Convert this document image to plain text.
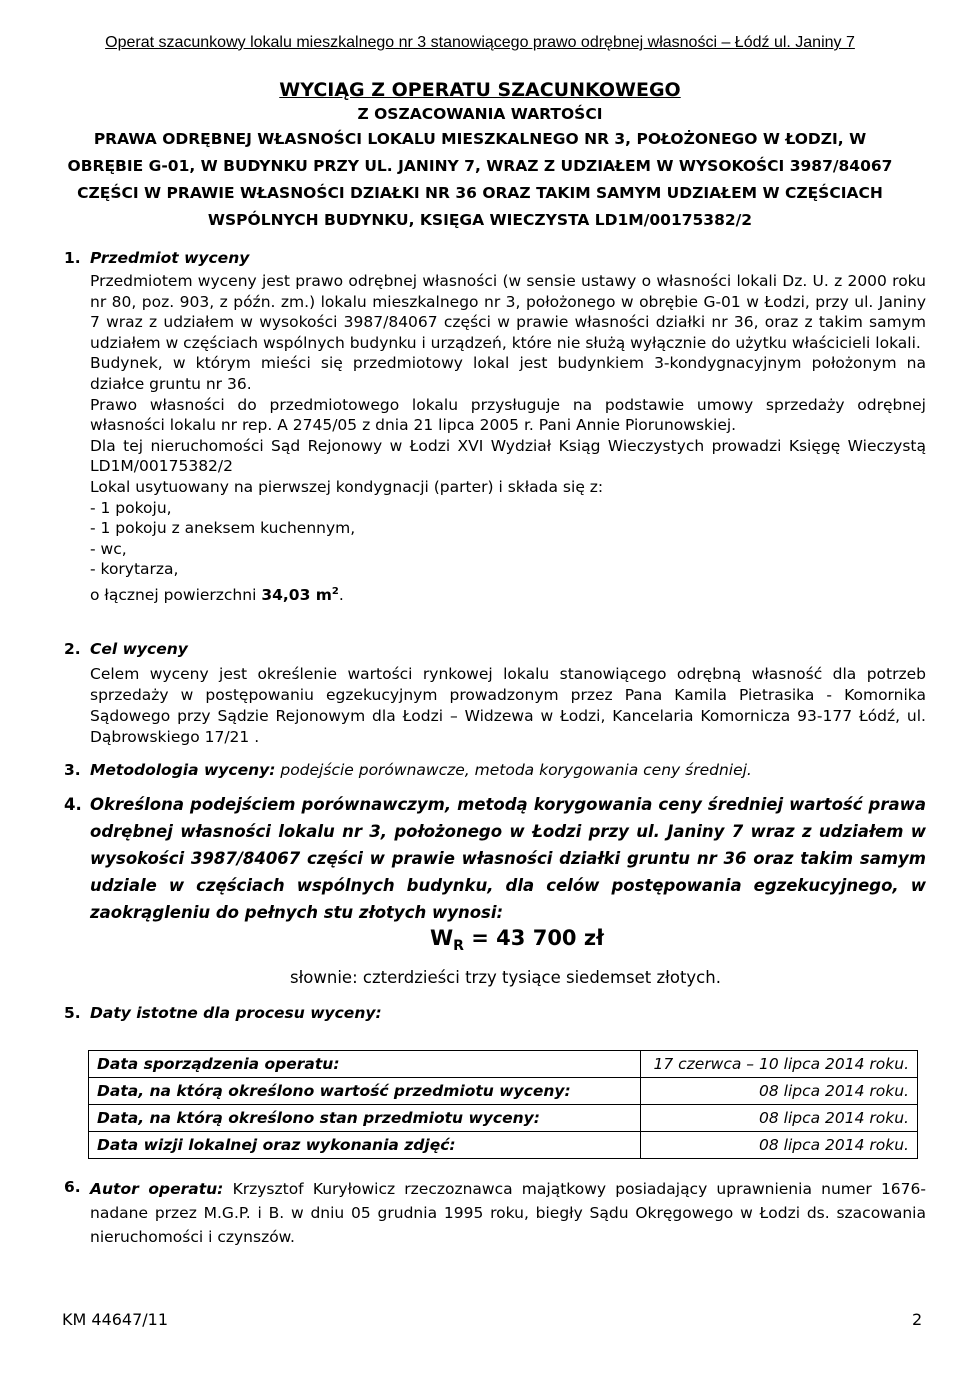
Operat szacunkowy lokalu mieszkalnego nr 3 stanowiącego prawo odrębnej własności – Łódź ul. Janiny 7
WYCIĄG Z OPERATU SZACUNKOWEGO
Z OSZACOWANIA WARTOŚCI
PRAWA ODRĘBNEJ WŁASNOŚCI LOKALU MIESZKALNEGO NR 3, POŁOŻONEGO W ŁODZI, W OBRĘBIE G-01, W BUDYNKU PRZY UL. JANINY 7, WRAZ Z UDZIAŁEM W WYSOKOŚCI 3987/84067 CZĘŚCI W PRAWIE WŁASNOŚCI DZIAŁKI NR 36 ORAZ TAKIM SAMYM UDZIAŁEM W CZĘŚCIACH WSPÓLNYCH BUDYNKU, KSIĘGA WIECZYSTA LD1M/00175382/2
1. Przedmiot wyceny

Przedmiotem wyceny jest prawo odrębnej własności (w sensie ustawy o własności lokali Dz. U. z 2000 roku nr 80, poz. 903, z późn. zm.) lokalu mieszkalnego nr 3, położonego w obrębie G-01 w Łodzi, przy ul. Janiny 7 wraz z udziałem w wysokości 3987/84067 części w prawie własności działki nr 36, oraz z takim samym udziałem w częściach wspólnych budynku i urządzeń, które nie służą wyłącznie do użytku właścicieli lokali.

Budynek, w którym mieści się przedmiotowy lokal jest budynkiem 3-kondygnacyjnym położonym na działce gruntu nr 36.

Prawo własności do przedmiotowego lokalu przysługuje na podstawie umowy sprzedaży odrębnej własności lokalu nr rep. A 2745/05 z dnia 21 lipca 2005 r. Pani Annie Piorunowskiej.

Dla tej nieruchomości Sąd Rejonowy w Łodzi XVI Wydział Ksiąg Wieczystych prowadzi Księgę Wieczystą LD1M/00175382/2

Lokal usytuowany na pierwszej kondygnacji (parter) i składa się z:

- 1 pokoju,

- 1 pokoju z aneksem kuchennym,

- wc,

- korytarza,

o łącznej powierzchni 34,03 $m^2$.

2. Cel wyceny
Celem wyceny jest określenie wartości rynkowej lokalu stanowiącego odrębną własność dla potrzeb sprzedaży w postępowaniu egzekucyjnym prowadzonym przez Pana Kamila Pietrasika - Komornika Sądowego przy Sądzie Rejonowym dla Łodzi – Widzewa w Łodzi, Kancelaria Komornicza 93-177 Łódź, ul. Dąbrowskiego 17/21 .
3. Metodologia wyceny: podejście porównawcze, metoda korygowania ceny średniej.
4. Określona podejściem porównawczym, metodą korygowania ceny średniej wartość prawa odrębnej własności lokalu nr 3, położonego w Łodzi przy ul. Janiny 7 wraz z udziałem w wysokości 3987/84067 części w prawie własności działki gruntu nr 36 oraz takim samym udziale w częściach wspólnych budynku, dla celów postępowania egzekucyjnego, w zaokrągleniu do pełnych stu złotych wynosi:
$W_R = 43$ 700 zł
słownie: czterdzieści trzy tysiące siedemset złotych.
5. Daty istotne dla procesu wyceny:
Data sporządzenia operatu:	17 czerwca – 10 lipca 2014 roku.
Data, na którą określono wartość przedmiotu wyceny:	08 lipca 2014 roku.
Data, na którą określono stan przedmiotu wyceny:	08 lipca 2014 roku.
Data wizji lokalnej oraz wykonania zdjęć:	08 lipca 2014 roku.
6. Autor operatu: Krzysztof Kuryłowicz rzeczoznawca majątkowy posiadający uprawnienia numer 1676-nadane przez M.G.P. i B. w dniu 05 grudnia 1995 roku, biegły Sądu Okręgowego w Łodzi ds. szacowania nieruchomości i czynszów.
KM 44647/11	2
